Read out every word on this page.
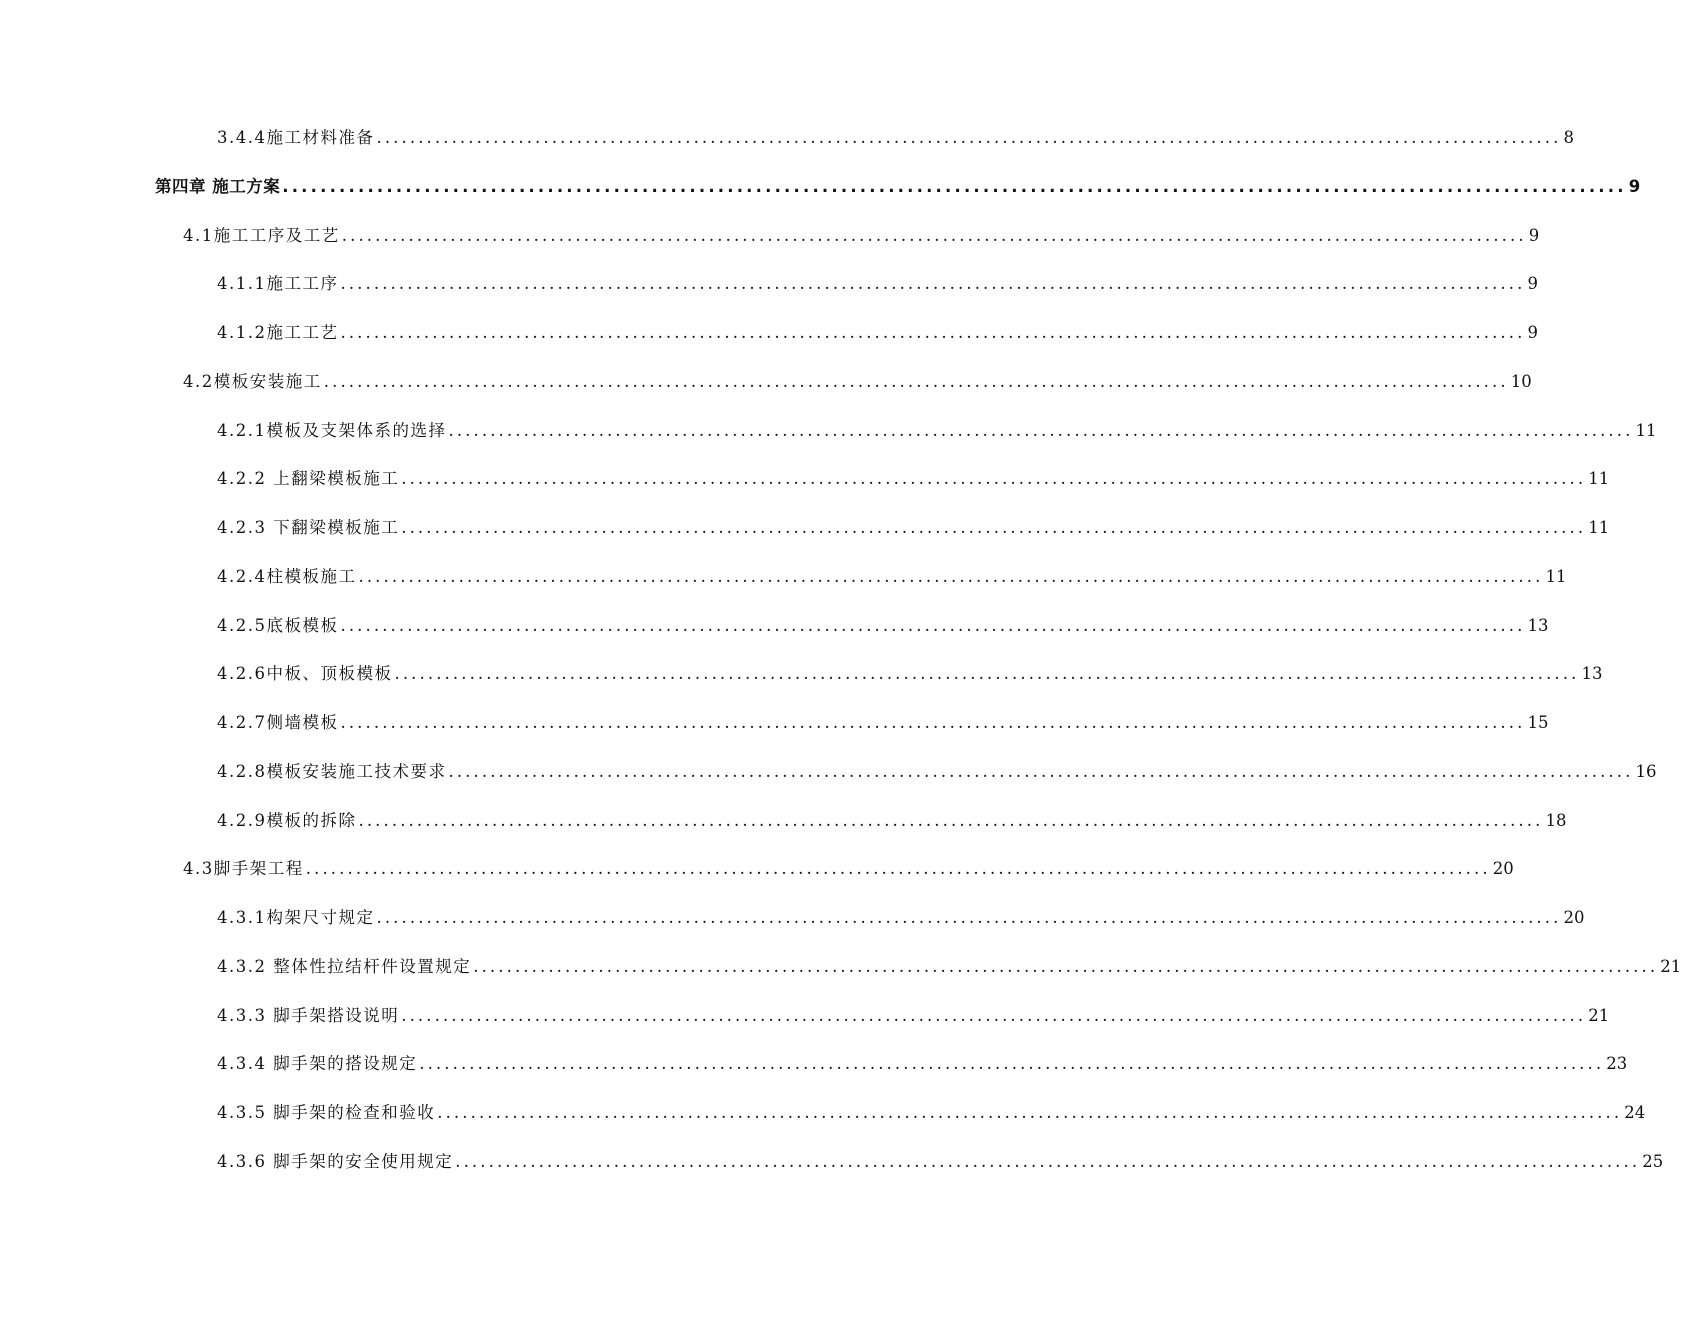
3.4.4施工材料准备 .............................................................................................................................................. 8
第四章 施工方案 .............................................................................................................................................. 9
4.1施工工序及工艺 .............................................................................................................................................. 9
4.1.1施工工序 .............................................................................................................................................. 9
4.1.2施工工艺 .............................................................................................................................................. 9
4.2模板安装施工 .............................................................................................................................................. 10
4.2.1模板及支架体系的选择 .............................................................................................................................................. 11
4.2.2 上翻梁模板施工 .............................................................................................................................................. 11
4.2.3 下翻梁模板施工 .............................................................................................................................................. 11
4.2.4柱模板施工 .............................................................................................................................................. 11
4.2.5底板模板 .............................................................................................................................................. 13
4.2.6中板、顶板模板 .............................................................................................................................................. 13
4.2.7侧墙模板 .............................................................................................................................................. 15
4.2.8模板安装施工技术要求 .............................................................................................................................................. 16
4.2.9模板的拆除 .............................................................................................................................................. 18
4.3脚手架工程 .............................................................................................................................................. 20
4.3.1构架尺寸规定 .............................................................................................................................................. 20
4.3.2 整体性拉结杆件设置规定 .............................................................................................................................................. 21
4.3.3 脚手架搭设说明 .............................................................................................................................................. 21
4.3.4 脚手架的搭设规定 .............................................................................................................................................. 23
4.3.5 脚手架的检查和验收 .............................................................................................................................................. 24
4.3.6 脚手架的安全使用规定 .............................................................................................................................................. 25
